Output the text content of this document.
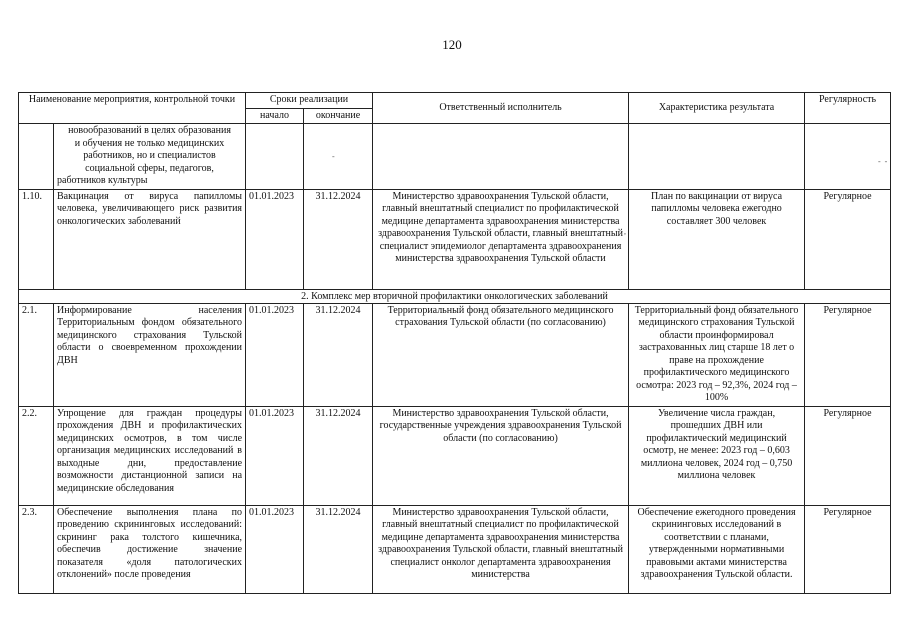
120
- -
-
,
Наименование мероприятия, контрольной точки		Сроки реализации		Ответственный исполнитель	Характеристика результата	Регулярность
		начало	окончание			

	новообразований в целях образования
и обучения не только медицинских
работников, но и специалистов
социальной сферы, педагогов,
работников культуры					

1.10.	Вакцинация от вируса папилломы человека, увеличивающего риск развития онкологических заболеваний	01.01.2023	31.12.2024	Министерство здравоохранения Тульской области, главный внештатный специалист по профилактической медицине департамента здравоохранения министерства здравоохранения Тульской области, главный внештатный специалист эпидемиолог департамента здравоохранения министерства здравоохранения Тульской области	План по вакцинации от вируса папилломы человека ежегодно составляет 300 человек	Регулярное
2. Комплекс мер вторичной профилактики онкологических заболеваний						
2.1.	Информирование населения Территориальным фондом обязательного медицинского страхования Тульской области о своевременном прохождении ДВН	01.01.2023	31.12.2024	Территориальный фонд обязательного медицинского страхования Тульской области (по согласованию)	Территориальный фонд обязательного медицинского страхования Тульской области проинформировал застрахованных лиц старше 18 лет о праве на прохождение профилактического медицинского осмотра: 2023 год – 92,3%, 2024 год – 100%	Регулярное
2.2.	Упрощение для граждан процедуры прохождения ДВН и профилактических медицинских осмотров, в том числе организация медицинских исследований в выходные дни, предоставление возможности дистанционной записи на медицинские обследования	01.01.2023	31.12.2024	Министерство здравоохранения Тульской области, государственные учреждения здравоохранения Тульской области (по согласованию)	Увеличение числа граждан, прошедших ДВН или профилактический медицинский осмотр, не менее: 2023 год – 0,603 миллиона человек, 2024 год – 0,750 миллиона человек	Регулярное
2.3.	Обеспечение выполнения плана по проведению скрининговых исследований: скрининг рака толстого кишечника, обеспечив достижение значение показателя «доля патологических отклонений» после проведения	01.01.2023	31.12.2024	Министерство здравоохранения Тульской области, главный внештатный специалист по профилактической медицине департамента здравоохранения министерства здравоохранения Тульской области, главный внештатный специалист онколог департамента здравоохранения министерства	Обеспечение ежегодного проведения скрининговых исследований в соответствии с планами, утвержденными нормативными правовыми актами министерства здравоохранения Тульской области.	Регулярное
